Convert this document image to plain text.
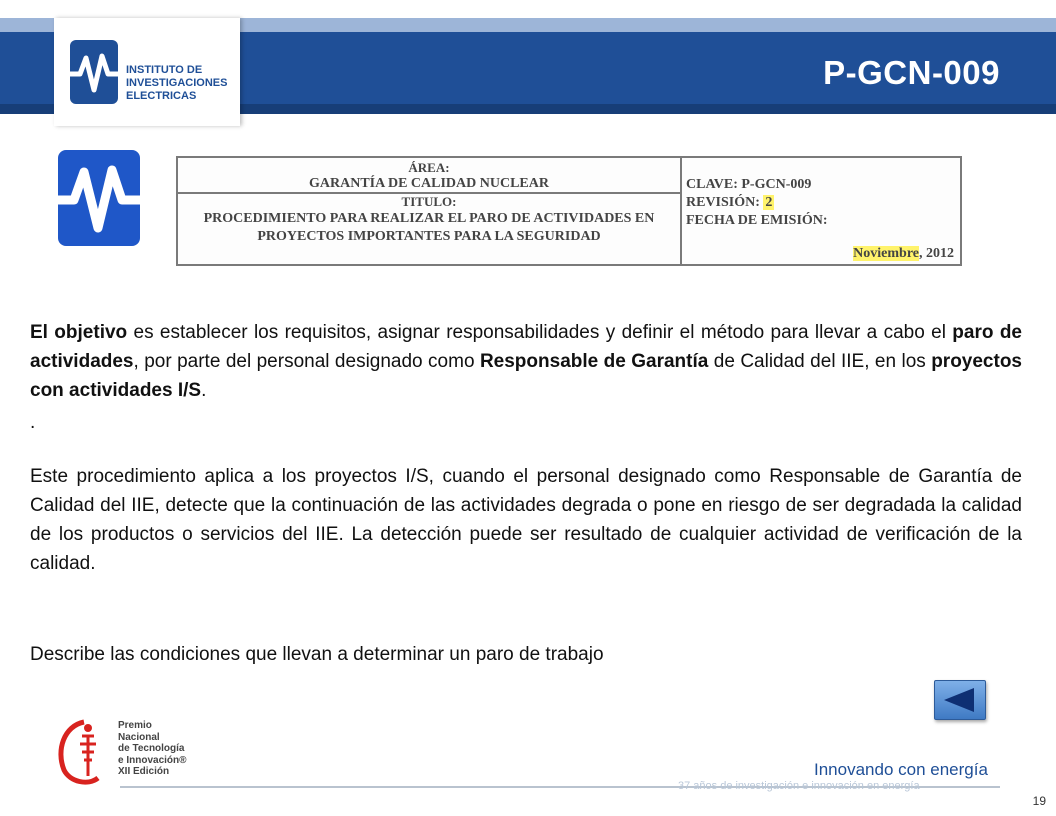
INSTITUTO DE
INVESTIGACIONES
ELECTRICAS
P-GCN-009
ÁREA:
GARANTÍA DE CALIDAD NUCLEAR
TITULO:
PROCEDIMIENTO PARA REALIZAR EL PARO DE ACTIVIDADES EN PROYECTOS IMPORTANTES PARA LA SEGURIDAD
CLAVE: P-GCN-009
REVISIÓN: 2
FECHA DE EMISIÓN:
Noviembre, 2012
El objetivo es establecer los requisitos, asignar responsabilidades y definir el método para llevar a cabo el paro de actividades, por parte del personal designado como Responsable de Garantía de Calidad del IIE, en los proyectos con actividades I/S.
.
Este procedimiento aplica a los proyectos I/S, cuando el personal designado como Responsable de Garantía de Calidad del IIE, detecte que la continuación de las actividades degrada o pone en riesgo de ser degradada la calidad de los productos o servicios del IIE. La detección puede ser resultado de cualquier actividad de verificación de la calidad.
Describe las condiciones que llevan a determinar un paro de trabajo
Premio
Nacional
de Tecnología
e Innovación®
XII Edición	Innovando con energía
37 años de investigación e innovación en energía
19
